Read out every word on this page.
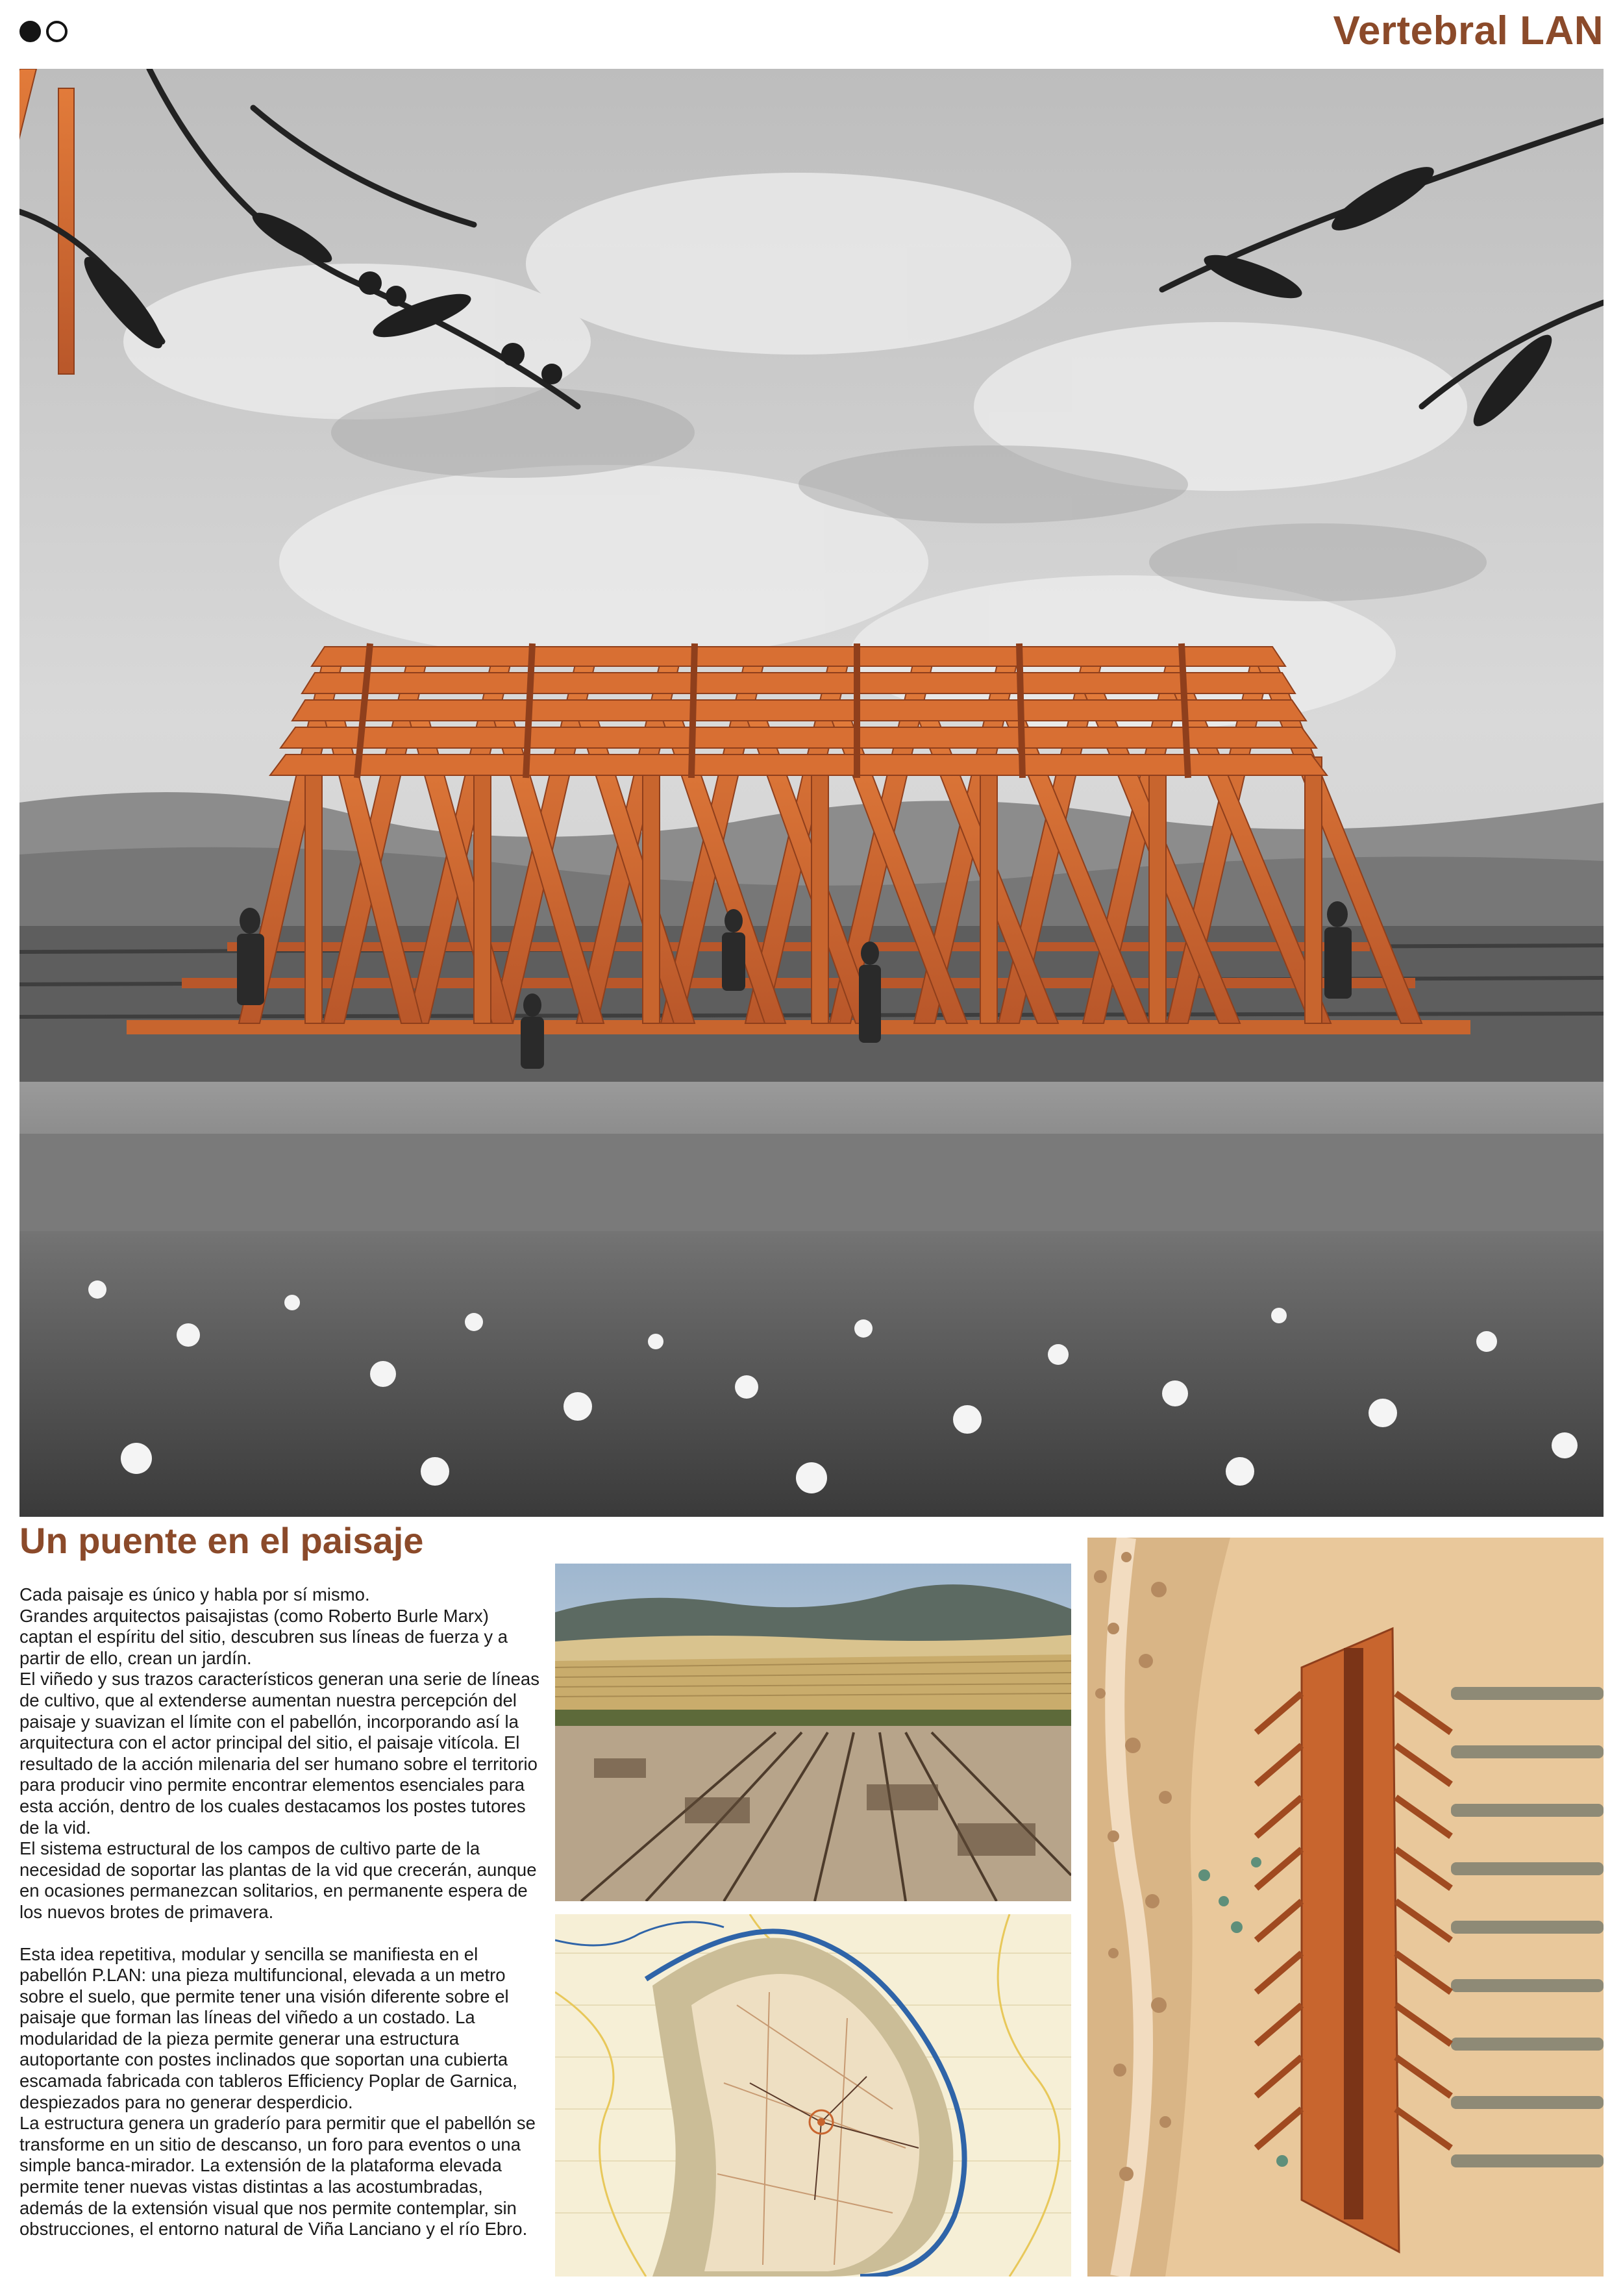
Vertebral LAN
Un puente en el paisaje

Cada paisaje es único y habla por sí mismo.

Grandes arquitectos paisajistas (como Roberto Burle Marx) captan el espíritu del sitio, descubren sus líneas de fuerza y a partir de ello, crean un jardín.

El viñedo y sus trazos característicos generan una serie de líneas de cultivo, que al extenderse aumentan nuestra percepción del paisaje y suavizan el límite con el pabellón, incorporando así la arquitectura con el actor principal del sitio, el paisaje vitícola. El resultado de la acción milenaria del ser humano sobre el territorio para producir vino permite encontrar elementos esenciales para esta acción, dentro de los cuales destacamos los postes tutores de la vid.

El sistema estructural de los campos de cultivo parte de la necesidad de soportar las plantas de la vid que crecerán, aunque en ocasiones permanezcan solitarios, en permanente espera de los nuevos brotes de primavera.

Esta idea repetitiva, modular y sencilla se manifiesta en el pabellón P.LAN: una pieza multifuncional, elevada a un metro sobre el suelo, que permite tener una visión diferente sobre el paisaje que forman las líneas del viñedo a un costado. La modularidad de la pieza permite generar una estructura autoportante con postes inclinados que soportan una cubierta escamada fabricada con tableros Efficiency Poplar de Garnica, despiezados para no generar desperdicio.

La estructura genera un graderío para permitir que el pabellón se transforme en un sitio de descanso, un foro para eventos o una simple banca-mirador. La extensión de la plataforma elevada permite tener nuevas vistas distintas a las acostumbradas, además de la extensión visual que nos permite contemplar, sin obstrucciones, el entorno natural de Viña Lanciano y el río Ebro.
